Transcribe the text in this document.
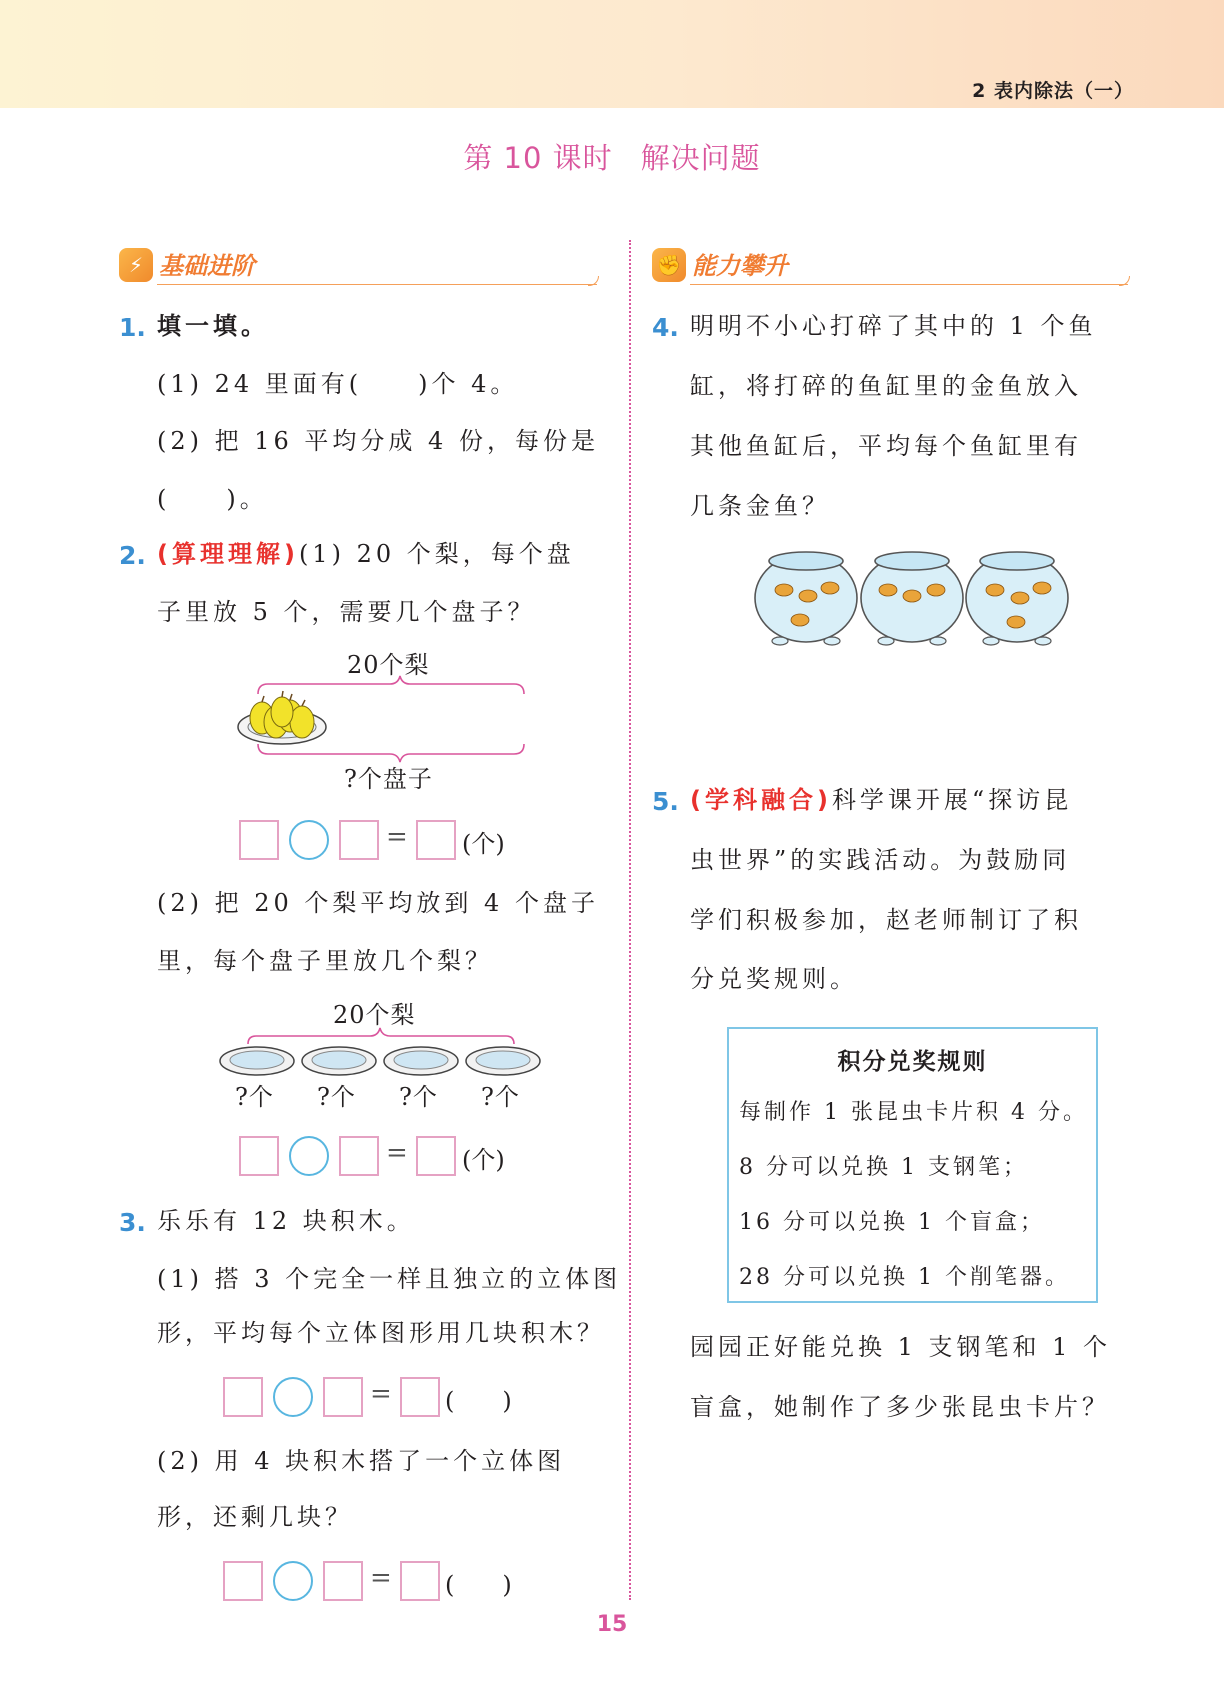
2 表内除法（一）
第 10 课时 解决问题
⚡ 基础进阶	✊ 能力攀升
1. 填一填。
(1) 24 里面有(　　)个 4。
(2) 把 16 平均分成 4 份，每份是
(　　)。
2. (算理理解)(1) 20 个梨，每个盘
子里放 5 个，需要几个盘子？
20个梨
?个盘子
= (个)
(2) 把 20 个梨平均放到 4 个盘子
里，每个盘子里放几个梨？
20个梨
?个 ?个 ?个 ?个
= (个)
3. 乐乐有 12 块积木。
(1) 搭 3 个完全一样且独立的立体图
形，平均每个立体图形用几块积木？
= (　　)
(2) 用 4 块积木搭了一个立体图
形，还剩几块？
= (　　)
4. 明明不小心打碎了其中的 1 个鱼
缸，将打碎的鱼缸里的金鱼放入
其他鱼缸后，平均每个鱼缸里有
几条金鱼？
5. (学科融合)科学课开展“探访昆
虫世界”的实践活动。为鼓励同
学们积极参加，赵老师制订了积
分兑奖规则。
积分兑奖规则
每制作 1 张昆虫卡片积 4 分。
8 分可以兑换 1 支钢笔；
16 分可以兑换 1 个盲盒；
28 分可以兑换 1 个削笔器。
园园正好能兑换 1 支钢笔和 1 个
盲盒，她制作了多少张昆虫卡片？
15
